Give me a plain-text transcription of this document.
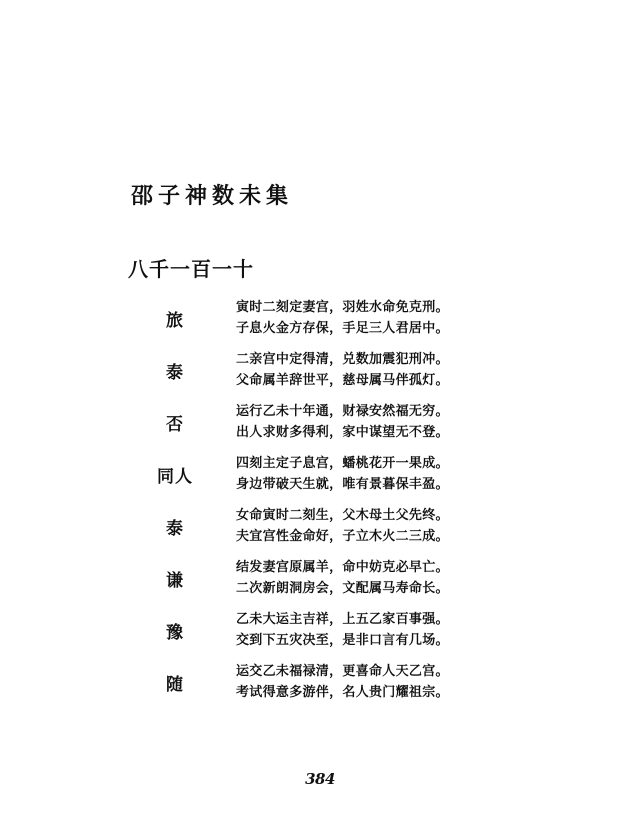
邵子神数未集
八千一百一十
旅
寅时二刻定妻宫，羽姓水命免克刑。
子息火金方存保，手足三人君居中。
泰
二亲宫中定得清，兑数加震犯刑冲。
父命属羊辞世平，慈母属马伴孤灯。
否
运行乙未十年通，财禄安然福无穷。
出人求财多得利，家中谋望无不登。
同人
四刻主定子息宫，蟠桃花开一果成。
身边带破天生就，唯有景暮保丰盈。
泰
女命寅时二刻生，父木母土父先终。
夫宜宫性金命好，子立木火二三成。
谦
结发妻宫原属羊，命中妨克必早亡。
二次新朗洞房会，文配属马寿命长。
豫
乙未大运主吉祥，上五乙家百事强。
交到下五灾决至，是非口言有几场。
随
运交乙未福禄清，更喜命人天乙宫。
考试得意多游伴，名人贵门耀祖宗。
384
